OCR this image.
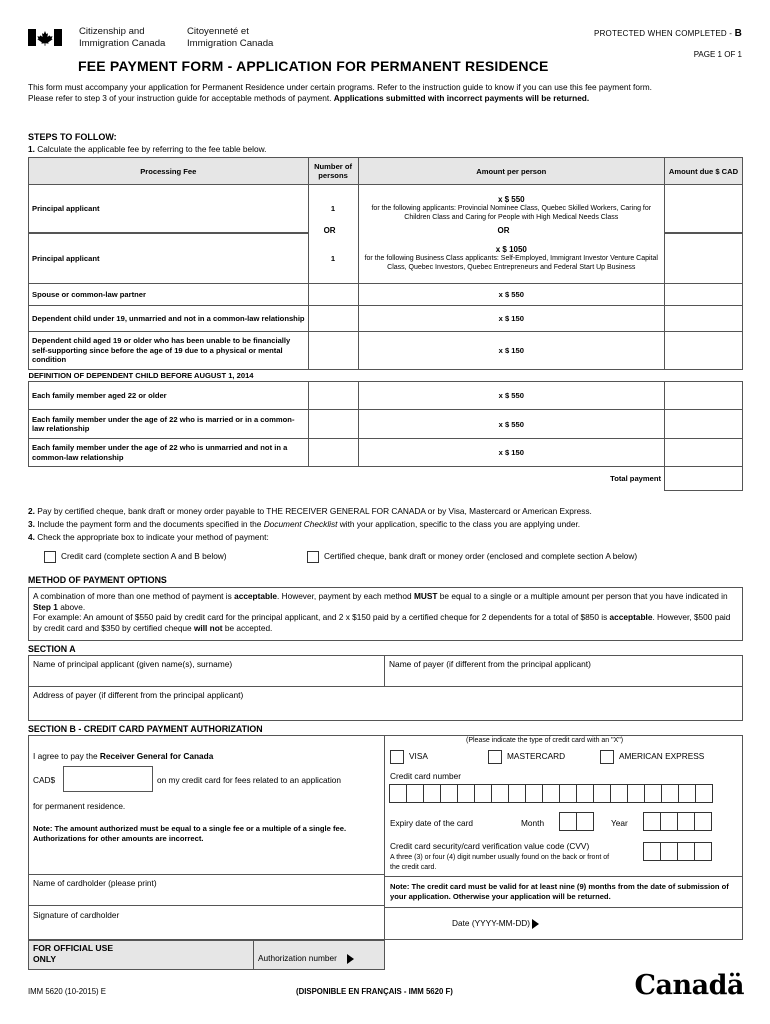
Citizenship and
Immigration Canada
Citoyenneté et
Immigration Canada
PROTECTED WHEN COMPLETED - B
PAGE 1 OF 1
FEE PAYMENT FORM - APPLICATION FOR PERMANENT RESIDENCE
This form must accompany your application for Permanent Residence under certain programs. Refer to the instruction guide to know if you can use this fee payment form.
Please refer to step 3 of your instruction guide for acceptable methods of payment. Applications submitted with incorrect payments will be returned.
STEPS TO FOLLOW:
1. Calculate the applicable fee by referring to the fee table below.
Processing Fee	Number of persons	Amount per person	Amount due $ CAD
Principal applicant	1	x $ 550
for the following applicants: Provincial Nominee Class, Quebec Skilled Workers, Caring for Children Class and Caring for People with High Medical Needs Class	

	OR	OR	

Principal applicant	1	x $ 1050
for the following Business Class applicants: Self-Employed, Immigrant Investor Venture Capital Class, Quebec Investors, Quebec Entrepreneurs and Federal Start Up Business	

Spouse or common-law partner		x $ 550	
Dependent child under 19, unmarried and not in a common-law relationship		x $ 150	
Dependent child aged 19 or older who has been unable to be financially self-supporting since before the age of 19 due to a physical or mental condition		x $ 150	
DEFINITION OF DEPENDENT CHILD BEFORE AUGUST 1, 2014			
Each family member aged 22 or older		x $ 550	
Each family member under the age of 22 who is married or in a common-law relationship		x $ 550	
Each family member under the age of 22 who is unmarried and not in a common-law relationship		x $ 150	
		Total payment	
2. Pay by certified cheque, bank draft or money order payable to THE RECEIVER GENERAL FOR CANADA or by Visa, Mastercard or American Express.
3. Include the payment form and the documents specified in the Document Checklist with your application, specific to the class you are applying under.
4. Check the appropriate box to indicate your method of payment:
Credit card (complete section A and B below)	Certified cheque, bank draft or money order (enclosed and complete section A below)
METHOD OF PAYMENT OPTIONS
A combination of more than one method of payment is acceptable. However, payment by each method MUST be equal to a single or a multiple amount per person that you have indicated in Step 1 above.
For example: An amount of $550 paid by credit card for the principal applicant, and 2 x $150 paid by a certified cheque for 2 dependents for a total of $850 is acceptable. However, $500 paid by credit card and $350 by certified cheque will not be accepted.
SECTION A
Name of principal applicant (given name(s), surname)	Name of payer (if different from the principal applicant)
Address of payer (if different from the principal applicant)
SECTION B - CREDIT CARD PAYMENT AUTHORIZATION
I agree to pay the Receiver General for Canada
CAD$	on my credit card for fees related to an application
for permanent residence.
Note: The amount authorized must be equal to a single fee or a multiple of a single fee. Authorizations for other amounts are incorrect.
Name of cardholder (please print)
Signature of cardholder
(Please indicate the type of credit card with an "X")
VISA	MASTERCARD	AMERICAN EXPRESS
Credit card number
Expiry date of the card	Month	Year
Credit card security/card verification value code (CVV)
A three (3) or four (4) digit number usually found on the back or front of the credit card.
Note: The credit card must be valid for at least nine (9) months from the date of submission of your application. Otherwise your application will be returned.
Date (YYYY-MM-DD)
FOR OFFICIAL USE ONLY	Authorization number
IMM 5620 (10-2015) E	(DISPONIBLE EN FRANÇAIS - IMM 5620 F)	Canadä
